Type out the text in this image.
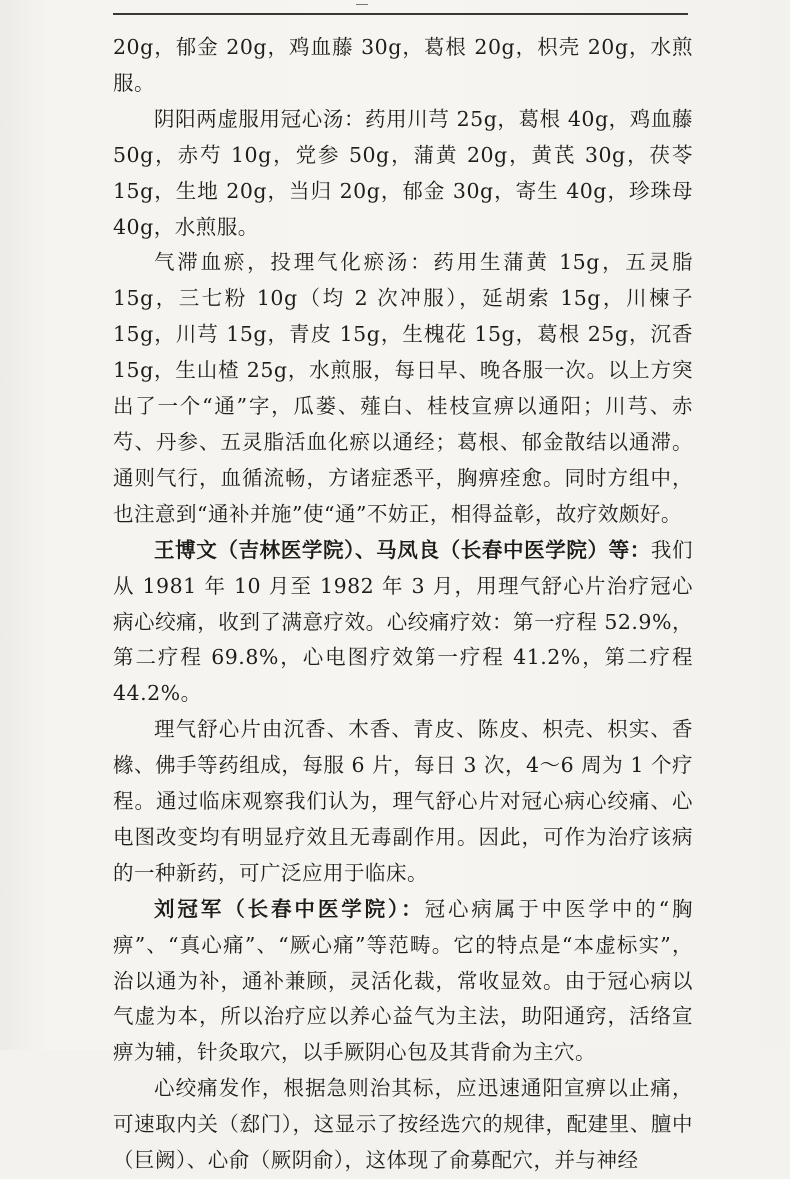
20g，郁金 20g，鸡血藤 30g，葛根 20g，枳壳 20g，水煎服。

阴阳两虚服用冠心汤：药用川芎 25g，葛根 40g，鸡血藤 50g，赤芍 10g，党参 50g，蒲黄 20g，黄芪 30g，茯苓 15g，生地 20g，当归 20g，郁金 30g，寄生 40g，珍珠母 40g，水煎服。

气滞血瘀，投理气化瘀汤：药用生蒲黄 15g，五灵脂 15g，三七粉 10g（均 2 次冲服），延胡索 15g，川楝子 15g，川芎 15g，青皮 15g，生槐花 15g，葛根 25g，沉香 15g，生山楂 25g，水煎服，每日早、晚各服一次。以上方突出了一个“通”字，瓜蒌、薤白、桂枝宣痹以通阳；川芎、赤芍、丹参、五灵脂活血化瘀以通经；葛根、郁金散结以通滞。通则气行，血循流畅，方诸症悉平，胸痹痊愈。同时方组中，也注意到“通补并施”使“通”不妨正，相得益彰，故疗效颇好。

王博文（吉林医学院）、马凤良（长春中医学院）等：我们从 1981 年 10 月至 1982 年 3 月，用理气舒心片治疗冠心病心绞痛，收到了满意疗效。心绞痛疗效：第一疗程 52.9%，第二疗程 69.8%，心电图疗效第一疗程 41.2%，第二疗程 44.2%。

理气舒心片由沉香、木香、青皮、陈皮、枳壳、枳实、香橼、佛手等药组成，每服 6 片，每日 3 次，4～6 周为 1 个疗程。通过临床观察我们认为，理气舒心片对冠心病心绞痛、心电图改变均有明显疗效且无毒副作用。因此，可作为治疗该病的一种新药，可广泛应用于临床。

刘冠军（长春中医学院）：冠心病属于中医学中的“胸痹”、“真心痛”、“厥心痛”等范畴。它的特点是“本虚标实”，治以通为补，通补兼顾，灵活化裁，常收显效。由于冠心病以气虚为本，所以治疗应以养心益气为主法，助阳通窍，活络宣痹为辅，针灸取穴，以手厥阴心包及其背俞为主穴。

心绞痛发作，根据急则治其标，应迅速通阳宣痹以止痛，可速取内关（郄门），这显示了按经选穴的规律，配建里、膻中（巨阙）、心俞（厥阴俞），这体现了俞募配穴，并与神经
